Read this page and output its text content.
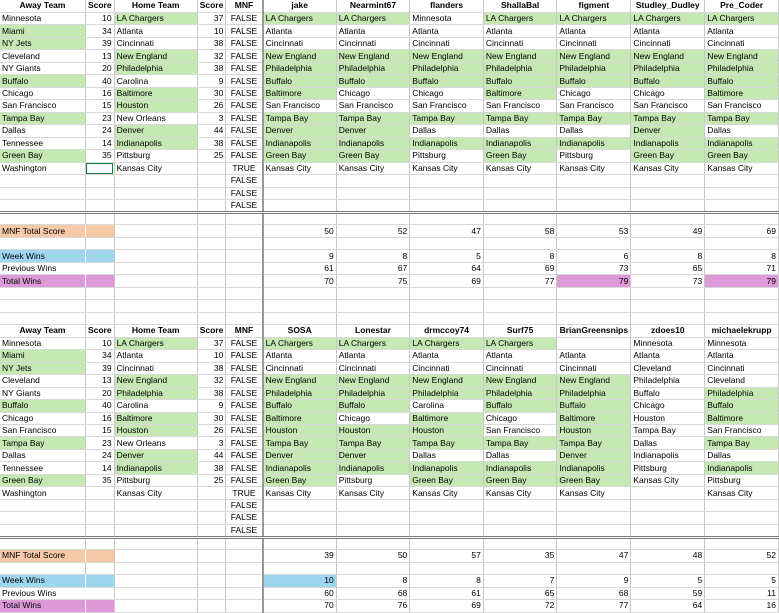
Away Team	Score	Home Team	Score	MNF	jake	Nearmint67	flanders	ShallaBal	figment	Studley_Dudley	Pre_Coder
Minnesota	10	LA Chargers	37	FALSE	LA Chargers	LA Chargers	Minnesota	LA Chargers	LA Chargers	LA Chargers	LA Chargers
Miami	34	Atlanta	10	FALSE	Atlanta	Atlanta	Atlanta	Atlanta	Atlanta	Atlanta	Atlanta
NY Jets	39	Cincinnati	38	FALSE	Cincinnati	Cincinnati	Cincinnati	Cincinnati	Cincinnati	Cincinnati	Cincinnati
Cleveland	13	New England	32	FALSE	New England	New England	New England	New England	New England	New England	New England
NY Giants	20	Philadelphia	38	FALSE	Philadelphia	Philadelphia	Philadelphia	Philadelphia	Philadelphia	Philadelphia	Philadelphia
Buffalo	40	Carolina	9	FALSE	Buffalo	Buffalo	Buffalo	Buffalo	Buffalo	Buffalo	Buffalo
Chicago	16	Baltimore	30	FALSE	Baltimore	Chicago	Chicago	Baltimore	Chicago	Chicago	Baltimore
San Francisco	15	Houston	26	FALSE	San Francisco	San Francisco	San Francisco	San Francisco	San Francisco	San Francisco	San Francisco
Tampa Bay	23	New Orleans	3	FALSE	Tampa Bay	Tampa Bay	Tampa Bay	Tampa Bay	Tampa Bay	Tampa Bay	Tampa Bay
Dallas	24	Denver	44	FALSE	Denver	Denver	Dallas	Dallas	Dallas	Denver	Dallas
Tennessee	14	Indianapolis	38	FALSE	Indianapolis	Indianapolis	Indianapolis	Indianapolis	Indianapolis	Indianapolis	Indianapolis
Green Bay	35	Pittsburg	25	FALSE	Green Bay	Green Bay	Pittsburg	Green Bay	Pittsburg	Green Bay	Green Bay
Washington		Kansas City		TRUE	Kansas City	Kansas City	Kansas City	Kansas City	Kansas City	Kansas City	Kansas City
				FALSE							
				FALSE							
				FALSE							

MNF Total Score					50	52	47	58	53	49	69

Week Wins					9	8	5	8	6	8	8
Previous Wins					61	67	64	69	73	65	71
Total Wins					70	75	69	77	79	73	79

Away Team	Score	Home Team	Score	MNF	SOSA	Lonestar	drmccoy74	Surf75	BrianGreensnips	zdoes10	michaelekrupp
Minnesota	10	LA Chargers	37	FALSE	LA Chargers	LA Chargers	LA Chargers	LA Chargers		Minnesota	Minnesota
Miami	34	Atlanta	10	FALSE	Atlanta	Atlanta	Atlanta	Atlanta	Atlanta	Atlanta	Atlanta
NY Jets	39	Cincinnati	38	FALSE	Cincinnati	Cincinnati	Cincinnati	Cincinnati	Cincinnati	Cleveland	Cincinnati
Cleveland	13	New England	32	FALSE	New England	New England	New England	New England	New England	Philadelphia	Cleveland
NY Giants	20	Philadelphia	38	FALSE	Philadelphia	Philadelphia	Philadelphia	Philadelphia	Philadelphia	Buffalo	Philadelphia
Buffalo	40	Carolina	9	FALSE	Buffalo	Buffalo	Carolina	Buffalo	Buffalo	Chicago	Buffalo
Chicago	16	Baltimore	30	FALSE	Baltimore	Chicago	Baltimore	Chicago	Baltimore	Houston	Baltimore
San Francisco	15	Houston	26	FALSE	Houston	Houston	Houston	San Francisco	Houston	Tampa Bay	San Francisco
Tampa Bay	23	New Orleans	3	FALSE	Tampa Bay	Tampa Bay	Tampa Bay	Tampa Bay	Tampa Bay	Dallas	Tampa Bay
Dallas	24	Denver	44	FALSE	Denver	Denver	Dallas	Dallas	Denver	Indianapolis	Dallas
Tennessee	14	Indianapolis	38	FALSE	Indianapolis	Indianapolis	Indianapolis	Indianapolis	Indianapolis	Pittsburg	Indianapolis
Green Bay	35	Pittsburg	25	FALSE	Green Bay	Pittsburg	Green Bay	Green Bay	Green Bay	Kansas City	Pittsburg
Washington		Kansas City		TRUE	Kansas City	Kansas City	Kansas City	Kansas City	Kansas City		Kansas City
				FALSE							
				FALSE							
				FALSE							

MNF Total Score					39	50	57	35	47	48	52

Week Wins					10	8	8	7	9	5	5
Previous Wins					60	68	61	65	68	59	11
Total Wins					70	76	69	72	77	64	16
